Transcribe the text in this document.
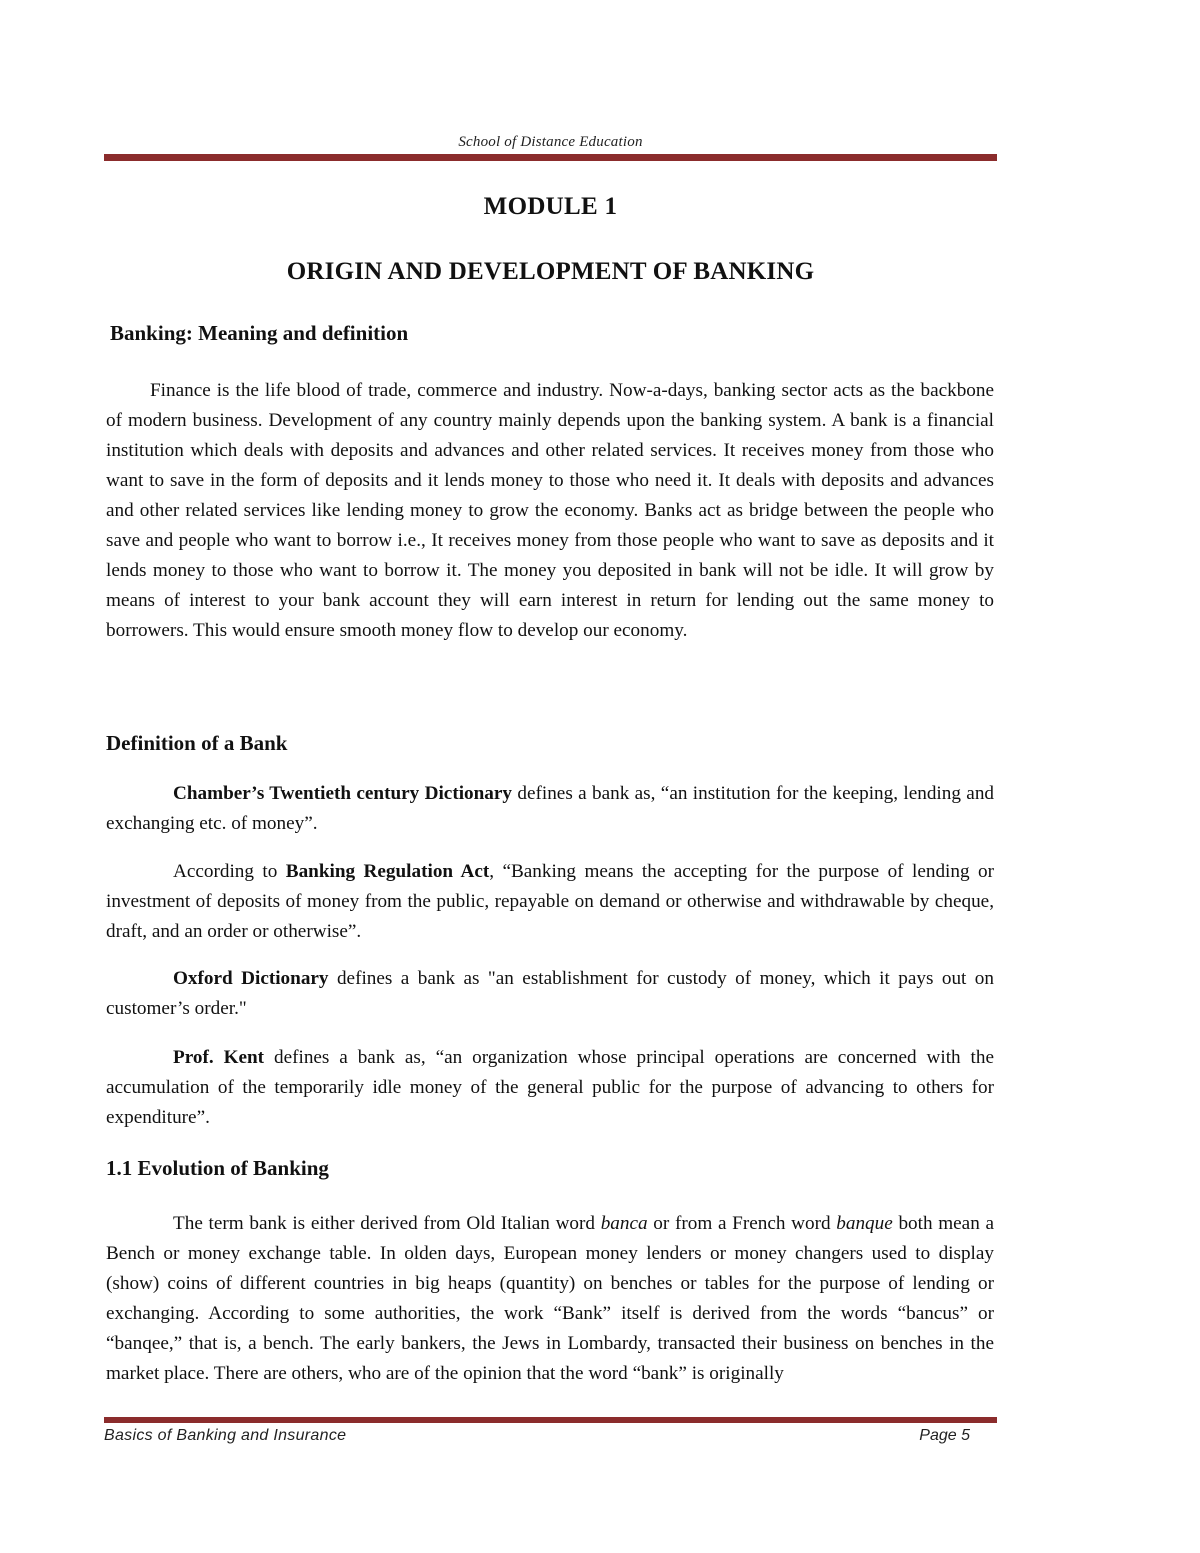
School of Distance Education
MODULE 1
ORIGIN AND DEVELOPMENT OF BANKING
Banking: Meaning and definition

Finance is the life blood of trade, commerce and industry. Now-a-days, banking sector acts as the backbone of modern business. Development of any country mainly depends upon the banking system. A bank is a financial institution which deals with deposits and advances and other related services. It receives money from those who want to save in the form of deposits and it lends money to those who need it. It deals with deposits and advances and other related services like lending money to grow the economy. Banks act as bridge between the people who save and people who want to borrow i.e., It receives money from those people who want to save as deposits and it lends money to those who want to borrow it. The money you deposited in bank will not be idle. It will grow by means of interest to your bank account they will earn interest in return for lending out the same money to borrowers. This would ensure smooth money flow to develop our economy.

Definition of a Bank

Chamber’s Twentieth century Dictionary defines a bank as, “an institution for the keeping, lending and exchanging etc. of money”.

According to Banking Regulation Act, “Banking means the accepting for the purpose of lending or investment of deposits of money from the public, repayable on demand or otherwise and withdrawable by cheque, draft, and an order or otherwise”.

Oxford Dictionary defines a bank as "an establishment for custody of money, which it pays out on customer’s order."

Prof. Kent defines a bank as, “an organization whose principal operations are concerned with the accumulation of the temporarily idle money of the general public for the purpose of advancing to others for expenditure”.

1.1 Evolution of Banking

The term bank is either derived from Old Italian word banca or from a French word banque both mean a Bench or money exchange table. In olden days, European money lenders or money changers used to display (show) coins of different countries in big heaps (quantity) on benches or tables for the purpose of lending or exchanging. According to some authorities, the work “Bank” itself is derived from the words “bancus” or “banqee,” that is, a bench. The early bankers, the Jews in Lombardy, transacted their business on benches in the market place. There are others, who are of the opinion that the word “bank” is originally

Basics of Banking and Insurance	Page 5
